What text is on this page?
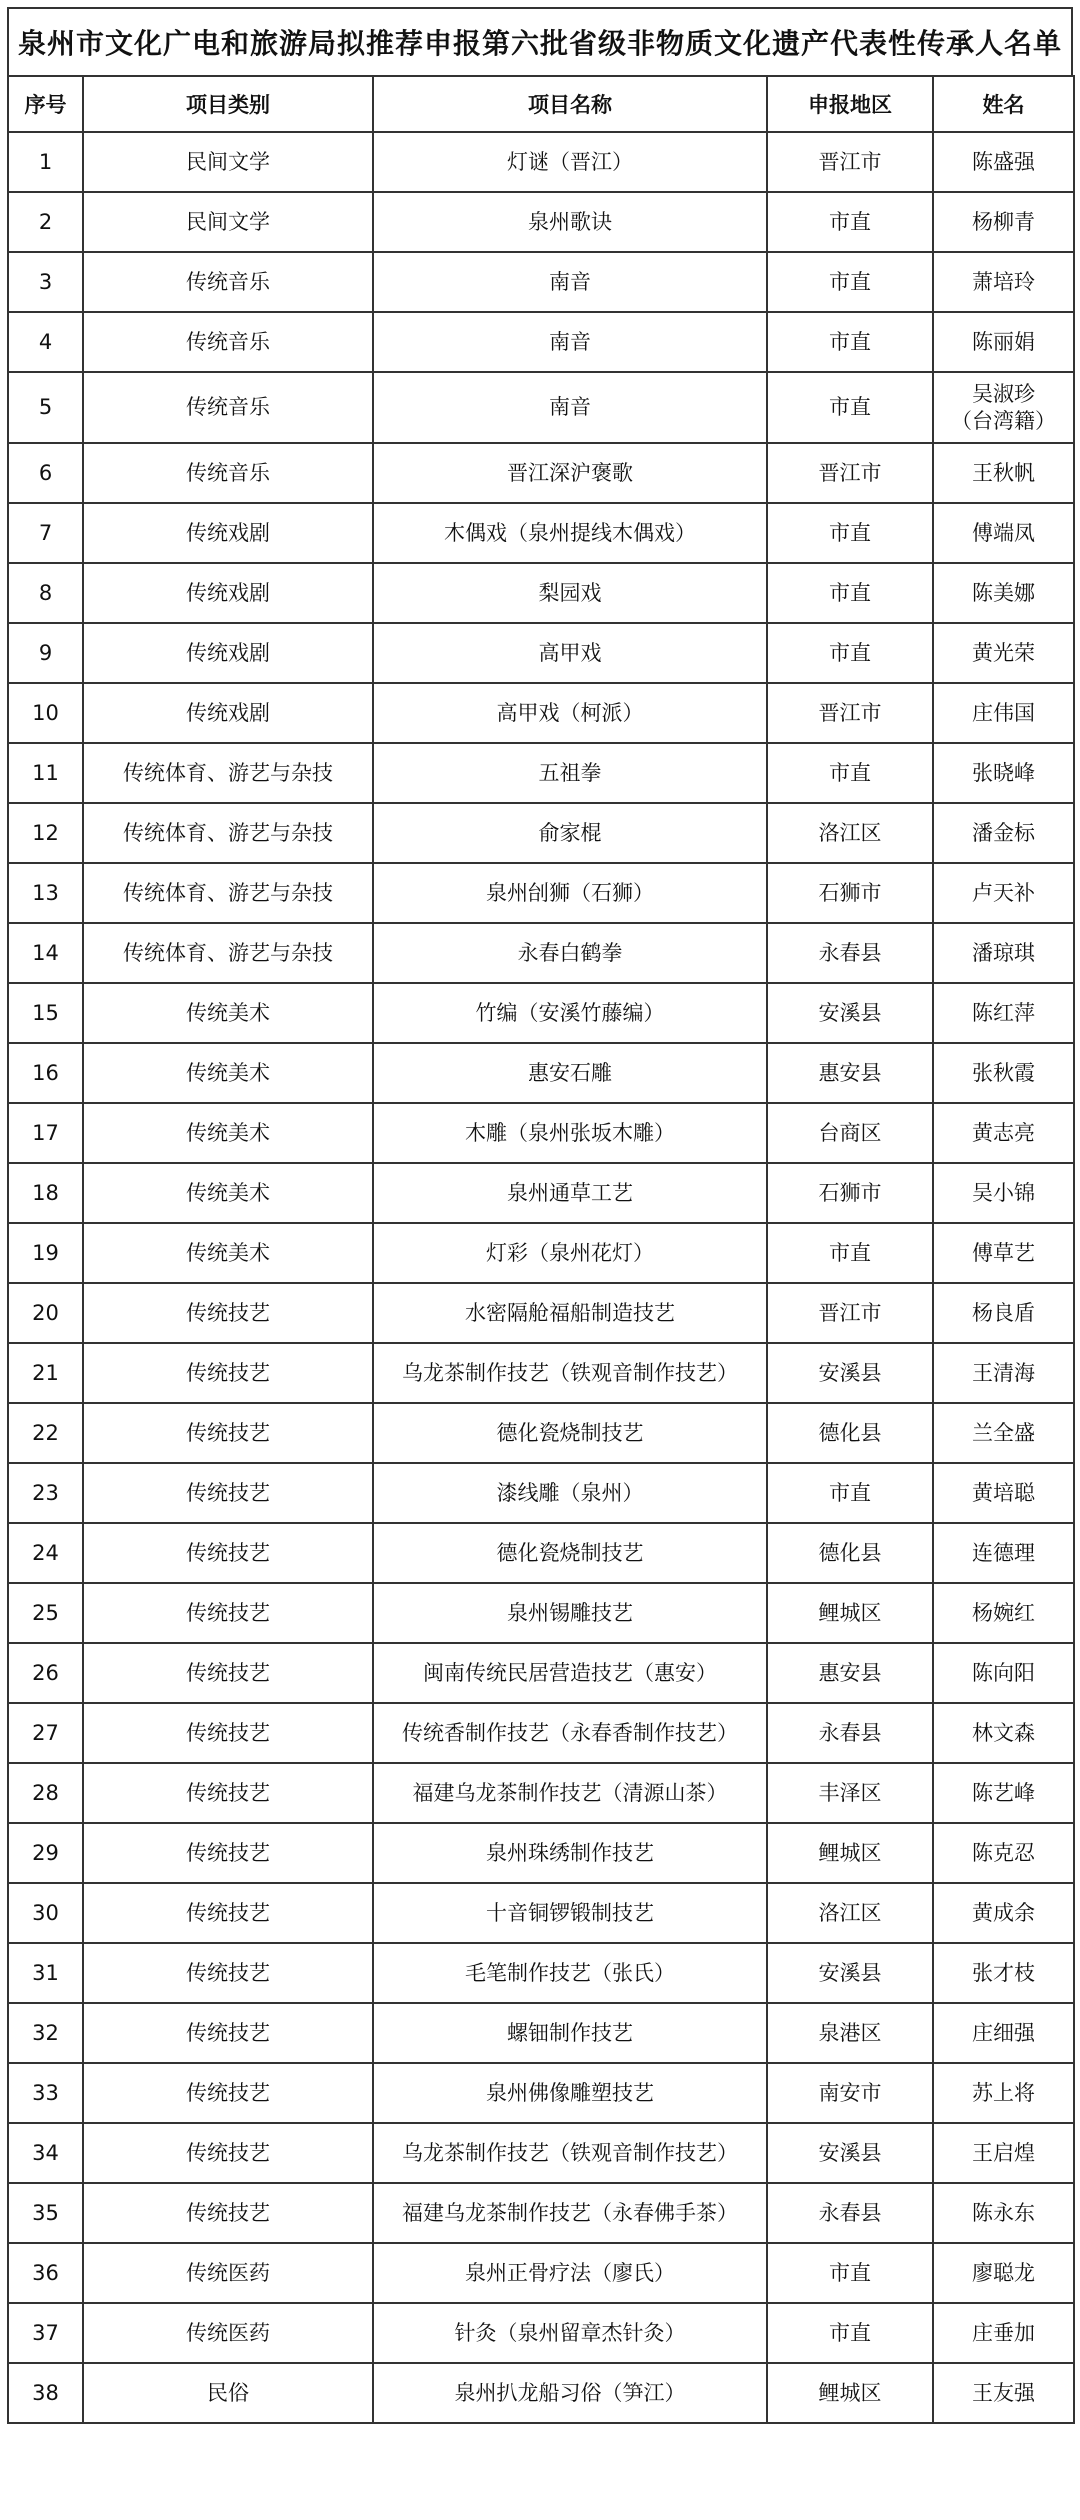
泉州市文化广电和旅游局拟推荐申报第六批省级非物质文化遗产代表性传承人名单
序号	项目类别	项目名称	申报地区	姓名
1	民间文学	灯谜（晋江）	晋江市	陈盛强
2	民间文学	泉州歌诀	市直	杨柳青
3	传统音乐	南音	市直	萧培玲
4	传统音乐	南音	市直	陈丽娟
5	传统音乐	南音	市直	吴淑珍
（台湾籍）
6	传统音乐	晋江深沪褒歌	晋江市	王秋帆
7	传统戏剧	木偶戏（泉州提线木偶戏）	市直	傅端凤
8	传统戏剧	梨园戏	市直	陈美娜
9	传统戏剧	高甲戏	市直	黄光荣
10	传统戏剧	高甲戏（柯派）	晋江市	庄伟国
11	传统体育、游艺与杂技	五祖拳	市直	张晓峰
12	传统体育、游艺与杂技	俞家棍	洛江区	潘金标
13	传统体育、游艺与杂技	泉州刣狮（石狮）	石狮市	卢天补
14	传统体育、游艺与杂技	永春白鹤拳	永春县	潘琼琪
15	传统美术	竹编（安溪竹藤编）	安溪县	陈红萍
16	传统美术	惠安石雕	惠安县	张秋霞
17	传统美术	木雕（泉州张坂木雕）	台商区	黄志亮
18	传统美术	泉州通草工艺	石狮市	吴小锦
19	传统美术	灯彩（泉州花灯）	市直	傅草艺
20	传统技艺	水密隔舱福船制造技艺	晋江市	杨良盾
21	传统技艺	乌龙茶制作技艺（铁观音制作技艺）	安溪县	王清海
22	传统技艺	德化瓷烧制技艺	德化县	兰全盛
23	传统技艺	漆线雕（泉州）	市直	黄培聪
24	传统技艺	德化瓷烧制技艺	德化县	连德理
25	传统技艺	泉州锡雕技艺	鲤城区	杨婉红
26	传统技艺	闽南传统民居营造技艺（惠安）	惠安县	陈向阳
27	传统技艺	传统香制作技艺（永春香制作技艺）	永春县	林文森
28	传统技艺	福建乌龙茶制作技艺（清源山茶）	丰泽区	陈艺峰
29	传统技艺	泉州珠绣制作技艺	鲤城区	陈克忍
30	传统技艺	十音铜锣锻制技艺	洛江区	黄成余
31	传统技艺	毛笔制作技艺（张氏）	安溪县	张才枝
32	传统技艺	螺钿制作技艺	泉港区	庄细强
33	传统技艺	泉州佛像雕塑技艺	南安市	苏上将
34	传统技艺	乌龙茶制作技艺（铁观音制作技艺）	安溪县	王启煌
35	传统技艺	福建乌龙茶制作技艺（永春佛手茶）	永春县	陈永东
36	传统医药	泉州正骨疗法（廖氏）	市直	廖聪龙
37	传统医药	针灸（泉州留章杰针灸）	市直	庄垂加
38	民俗	泉州扒龙船习俗（笋江）	鲤城区	王友强
